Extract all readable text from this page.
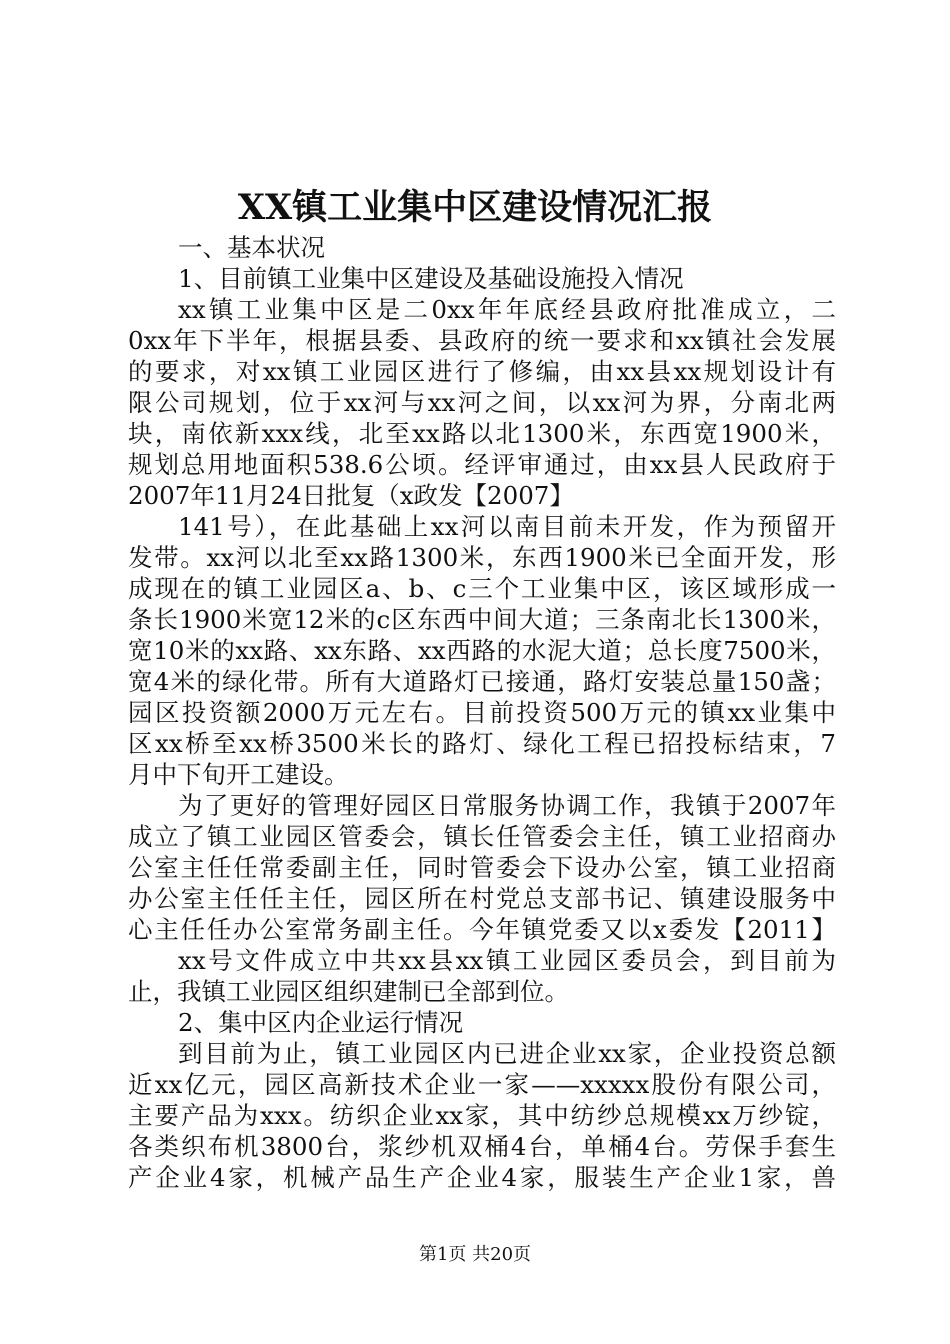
XX镇工业集中区建设情况汇报
一、基本状况
1、目前镇工业集中区建设及基础设施投入情况
xx镇工业集中区是二0xx年年底经县政府批准成立，二
0xx年下半年，根据县委、县政府的统一要求和xx镇社会发展
的要求，对xx镇工业园区进行了修编，由xx县xx规划设计有
限公司规划，位于xx河与xx河之间，以xx河为界，分南北两
块，南依新xxx线，北至xx路以北1300米，东西宽1900米，
规划总用地面积538.6公顷。经评审通过，由xx县人民政府于
2007年11月24日批复（x政发【2007】
141号），在此基础上xx河以南目前未开发，作为预留开
发带。xx河以北至xx路1300米，东西1900米已全面开发，形
成现在的镇工业园区a、b、c三个工业集中区，该区域形成一
条长1900米宽12米的c区东西中间大道；三条南北长1300米，
宽10米的xx路、xx东路、xx西路的水泥大道；总长度7500米，
宽4米的绿化带。所有大道路灯已接通，路灯安装总量150盏；
园区投资额2000万元左右。目前投资500万元的镇xx业集中
区xx桥至xx桥3500米长的路灯、绿化工程已招投标结束，7
月中下旬开工建设。
为了更好的管理好园区日常服务协调工作，我镇于2007年
成立了镇工业园区管委会，镇长任管委会主任，镇工业招商办
公室主任任常委副主任，同时管委会下设办公室，镇工业招商
办公室主任任主任，园区所在村党总支部书记、镇建设服务中
心主任任办公室常务副主任。今年镇党委又以x委发【2011】
xx号文件成立中共xx县xx镇工业园区委员会，到目前为
止，我镇工业园区组织建制已全部到位。
2、集中区内企业运行情况
到目前为止，镇工业园区内已进企业xx家，企业投资总额
近xx亿元，园区高新技术企业一家——xxxxx股份有限公司，
主要产品为xxx。纺织企业xx家，其中纺纱总规模xx万纱锭，
各类织布机3800台，浆纱机双桶4台，单桶4台。劳保手套生
产企业4家，机械产品生产企业4家，服装生产企业1家，兽
第1页 共20页
